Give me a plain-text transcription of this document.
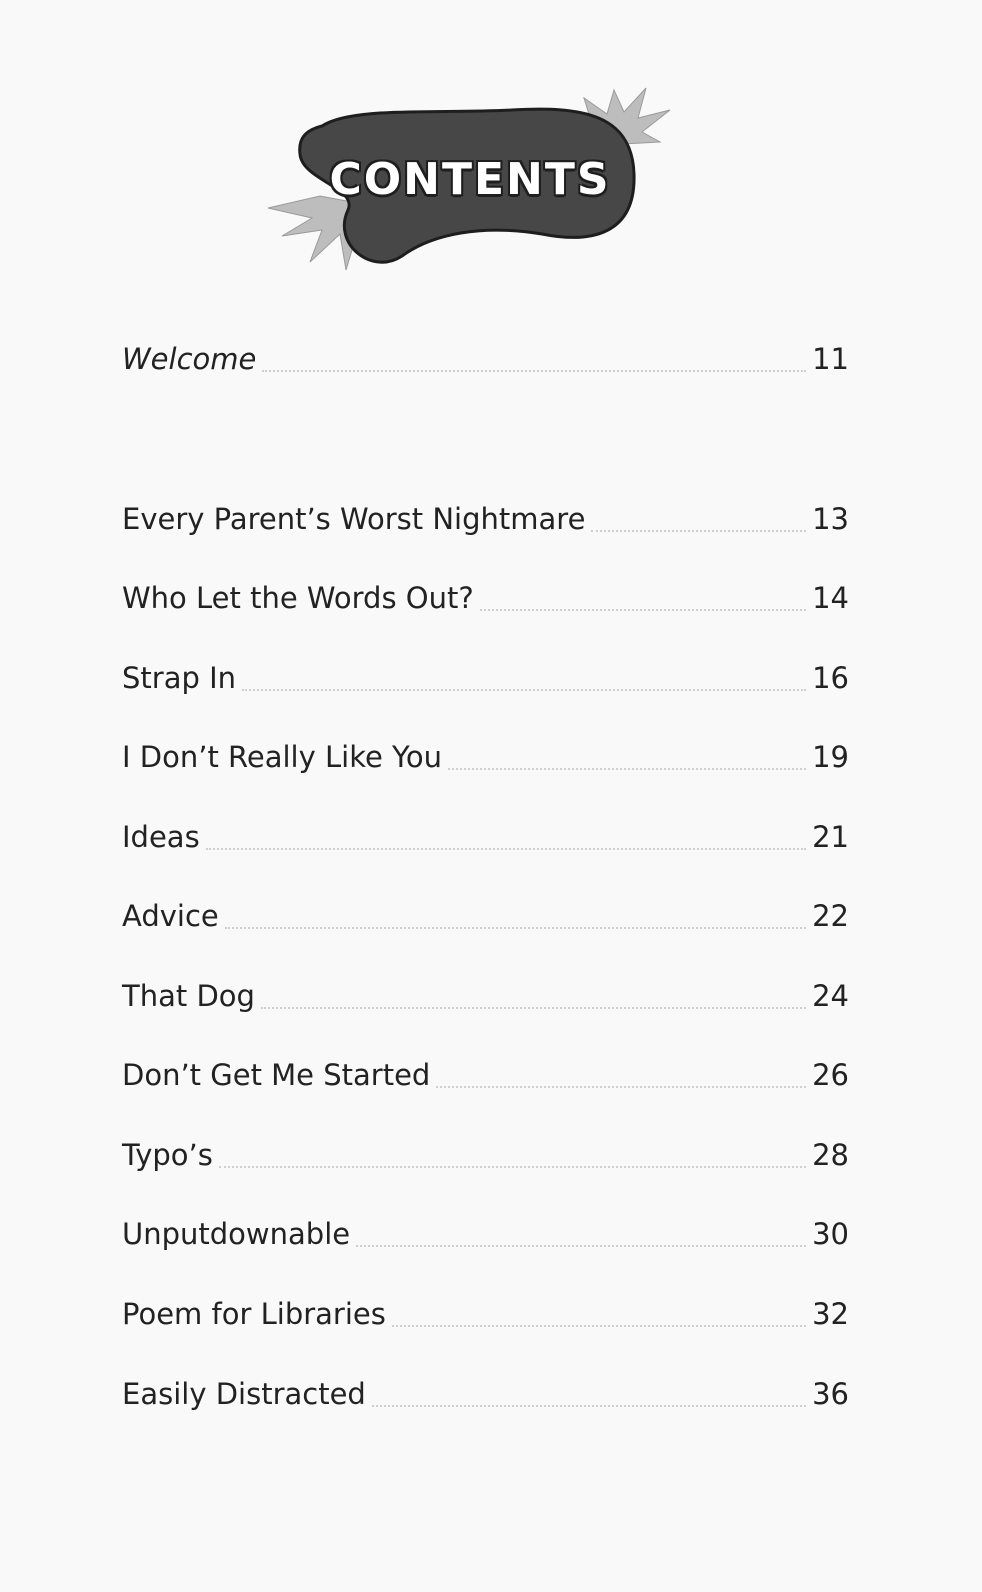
CONTENTS
Welcome	11
Every Parent’s Worst Nightmare	13
Who Let the Words Out?	14
Strap In	16
I Don’t Really Like You	19
Ideas	21
Advice	22
That Dog	24
Don’t Get Me Started	26
Typo’s	28
Unputdownable	30
Poem for Libraries	32
Easily Distracted	36
